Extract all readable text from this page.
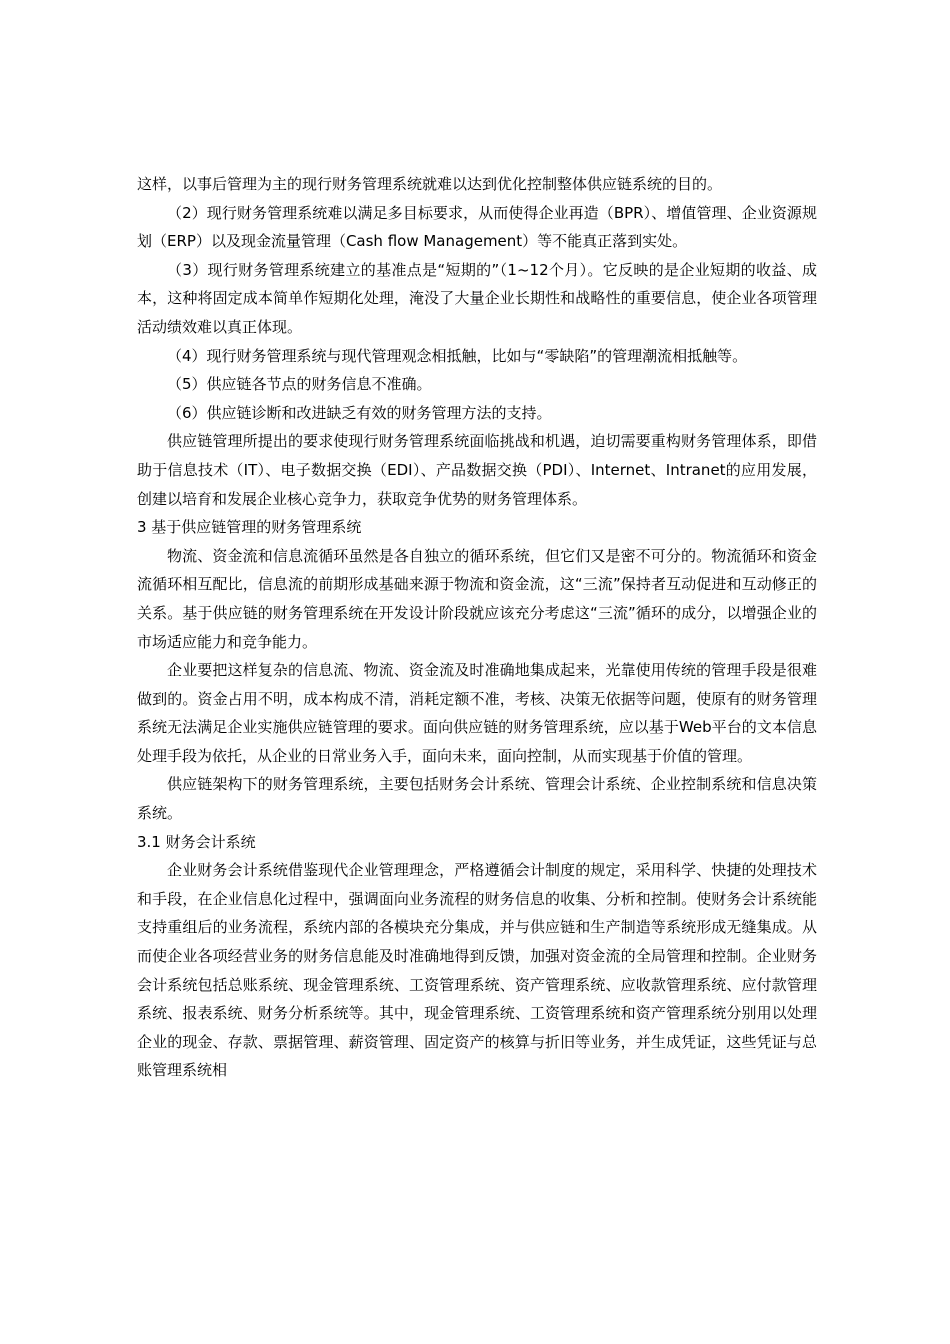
这样，以事后管理为主的现行财务管理系统就难以达到优化控制整体供应链系统的目的。

（2）现行财务管理系统难以满足多目标要求，从而使得企业再造（BPR）、增值管理、企业资源规划（ERP）以及现金流量管理（Cash flow Management）等不能真正落到实处。

（3）现行财务管理系统建立的基准点是“短期的”（1~12个月）。它反映的是企业短期的收益、成本，这种将固定成本简单作短期化处理，淹没了大量企业长期性和战略性的重要信息，使企业各项管理活动绩效难以真正体现。

（4）现行财务管理系统与现代管理观念相抵触，比如与“零缺陷”的管理潮流相抵触等。

（5）供应链各节点的财务信息不准确。

（6）供应链诊断和改进缺乏有效的财务管理方法的支持。

供应链管理所提出的要求使现行财务管理系统面临挑战和机遇，迫切需要重构财务管理体系，即借助于信息技术（IT）、电子数据交换（EDI）、产品数据交换（PDI）、Internet、Intranet的应用发展，创建以培育和发展企业核心竞争力，获取竞争优势的财务管理体系。

3 基于供应链管理的财务管理系统

物流、资金流和信息流循环虽然是各自独立的循环系统，但它们又是密不可分的。物流循环和资金流循环相互配比，信息流的前期形成基础来源于物流和资金流，这“三流”保持者互动促进和互动修正的关系。基于供应链的财务管理系统在开发设计阶段就应该充分考虑这“三流”循环的成分，以增强企业的市场适应能力和竞争能力。

企业要把这样复杂的信息流、物流、资金流及时准确地集成起来，光靠使用传统的管理手段是很难做到的。资金占用不明，成本构成不清，消耗定额不准，考核、决策无依据等问题，使原有的财务管理系统无法满足企业实施供应链管理的要求。面向供应链的财务管理系统，应以基于Web平台的文本信息处理手段为依托，从企业的日常业务入手，面向未来，面向控制，从而实现基于价值的管理。

供应链架构下的财务管理系统，主要包括财务会计系统、管理会计系统、企业控制系统和信息决策系统。

3.1 财务会计系统

企业财务会计系统借鉴现代企业管理理念，严格遵循会计制度的规定，采用科学、快捷的处理技术和手段，在企业信息化过程中，强调面向业务流程的财务信息的收集、分析和控制。使财务会计系统能支持重组后的业务流程，系统内部的各模块充分集成，并与供应链和生产制造等系统形成无缝集成。从而使企业各项经营业务的财务信息能及时准确地得到反馈，加强对资金流的全局管理和控制。企业财务会计系统包括总账系统、现金管理系统、工资管理系统、资产管理系统、应收款管理系统、应付款管理系统、报表系统、财务分析系统等。其中，现金管理系统、工资管理系统和资产管理系统分别用以处理企业的现金、存款、票据管理、薪资管理、固定资产的核算与折旧等业务，并生成凭证，这些凭证与总账管理系统相
